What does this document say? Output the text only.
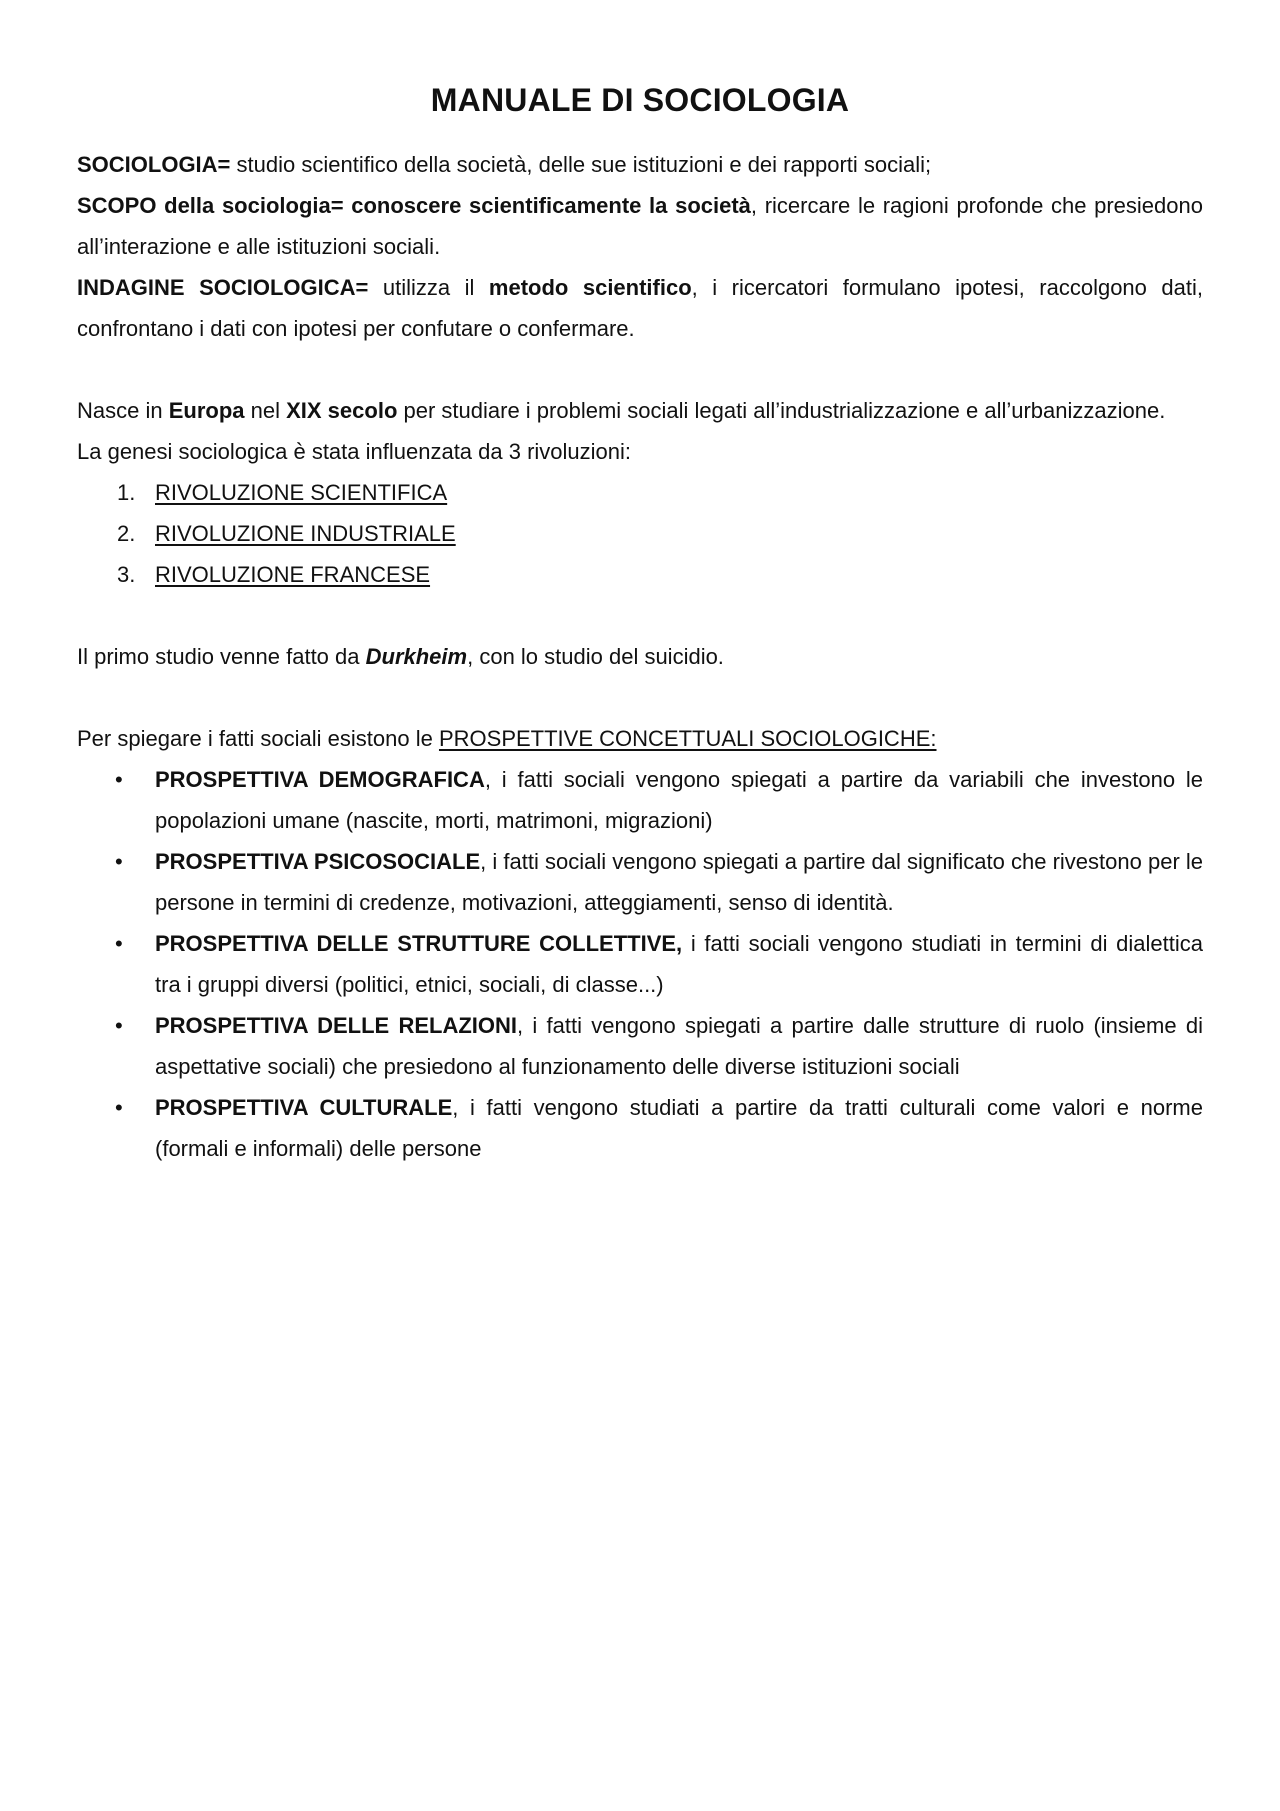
MANUALE DI SOCIOLOGIA

SOCIOLOGIA= studio scientifico della società, delle sue istituzioni e dei rapporti sociali;

SCOPO della sociologia= conoscere scientificamente la società, ricercare le ragioni profonde che presiedono all’interazione e alle istituzioni sociali.

INDAGINE SOCIOLOGICA= utilizza il metodo scientifico, i ricercatori formulano ipotesi, raccolgono dati, confrontano i dati con ipotesi per confutare o confermare.

Nasce in Europa nel XIX secolo per studiare i problemi sociali legati all’industrializzazione e all’urbanizzazione.

La genesi sociologica è stata influenzata da 3 rivoluzioni:

1. RIVOLUZIONE SCIENTIFICA
2. RIVOLUZIONE INDUSTRIALE
3. RIVOLUZIONE FRANCESE

Il primo studio venne fatto da Durkheim, con lo studio del suicidio.

Per spiegare i fatti sociali esistono le PROSPETTIVE CONCETTUALI SOCIOLOGICHE:

• PROSPETTIVA DEMOGRAFICA, i fatti sociali vengono spiegati a partire da variabili che investono le popolazioni umane (nascite, morti, matrimoni, migrazioni)
• PROSPETTIVA PSICOSOCIALE, i fatti sociali vengono spiegati a partire dal significato che rivestono per le persone in termini di credenze, motivazioni, atteggiamenti, senso di identità.
• PROSPETTIVA DELLE STRUTTURE COLLETTIVE, i fatti sociali vengono studiati in termini di dialettica tra i gruppi diversi (politici, etnici, sociali, di classe...)
• PROSPETTIVA DELLE RELAZIONI, i fatti vengono spiegati a partire dalle strutture di ruolo (insieme di aspettative sociali) che presiedono al funzionamento delle diverse istituzioni sociali
• PROSPETTIVA CULTURALE, i fatti vengono studiati a partire da tratti culturali come valori e norme (formali e informali) delle persone
